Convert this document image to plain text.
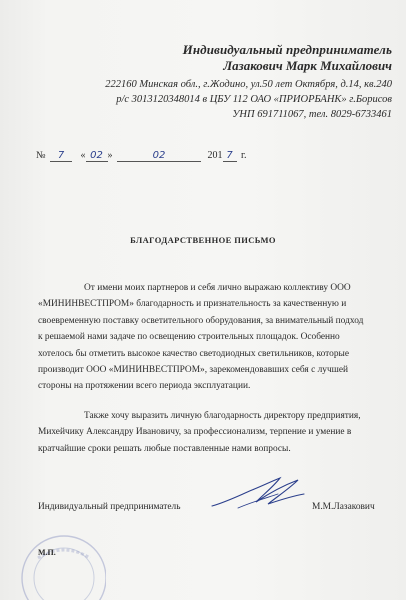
Индивидуальный предприниматель
Лазакович Марк Михайлович
222160 Минская обл., г.Жодино, ул.50 лет Октября, д.14, кв.240
р/с 3013120348014 в ЦБУ 112 ОАО «ПРИОРБАНК» г.Борисов
УНП 691711067, тел. 8029-6733461
№ 7 « 02 »	02	201 7 г.
БЛАГОДАРСТВЕННОЕ ПИСЬМО
От имени моих партнеров и себя лично выражаю коллективу ООО
«МИНИНВЕСТПРОМ» благодарность и признательность за качественную и
своевременную поставку осветительного оборудования, за внимательный подход
к решаемой нами задаче по освещению строительных площадок. Особенно
хотелось бы отметить высокое качество светодиодных светильников, которые
производит ООО «МИНИНВЕСТПРОМ», зарекомендовавших себя с лучшей
стороны на протяжении всего периода эксплуатации.
Также хочу выразить личную благодарность директору предприятия,
Михейчику Александру Ивановичу, за профессионализм, терпение и умение в
кратчайшие сроки решать любые поставленные нами вопросы.
Индивидуальный предприниматель	М.М.Лазакович
М.П.
